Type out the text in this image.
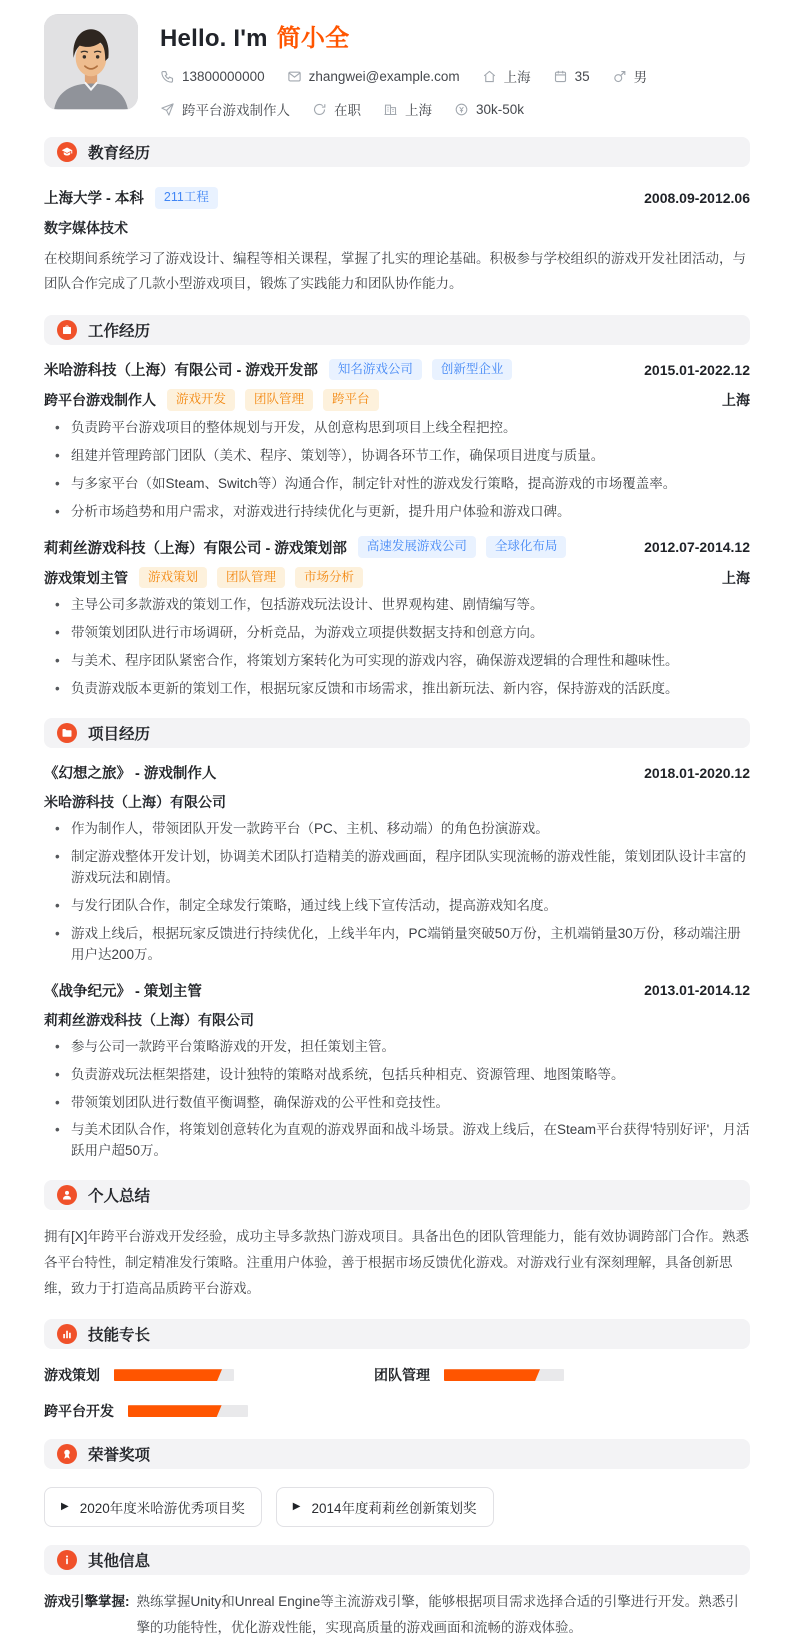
Hello. I'm 简小全
13800000000	zhangwei@example.com	上海	35	男
跨平台游戏制作人	在职	上海	30k-50k
教育经历
上海大学 - 本科	211工程	2008.09-2012.06
数字媒体技术

在校期间系统学习了游戏设计、编程等相关课程，掌握了扎实的理论基础。积极参与学校组织的游戏开发社团活动，与团队合作完成了几款小型游戏项目，锻炼了实践能力和团队协作能力。

工作经历
米哈游科技（上海）有限公司 - 游戏开发部	知名游戏公司	创新型企业	2015.01-2022.12
跨平台游戏制作人	游戏开发	团队管理	跨平台	上海
• 负责跨平台游戏项目的整体规划与开发，从创意构思到项目上线全程把控。
• 组建并管理跨部门团队（美术、程序、策划等），协调各环节工作，确保项目进度与质量。
• 与多家平台（如Steam、Switch等）沟通合作，制定针对性的游戏发行策略，提高游戏的市场覆盖率。
• 分析市场趋势和用户需求，对游戏进行持续优化与更新，提升用户体验和游戏口碑。
莉莉丝游戏科技（上海）有限公司 - 游戏策划部	高速发展游戏公司	全球化布局	2012.07-2014.12
游戏策划主管	游戏策划	团队管理	市场分析	上海
• 主导公司多款游戏的策划工作，包括游戏玩法设计、世界观构建、剧情编写等。
• 带领策划团队进行市场调研，分析竞品，为游戏立项提供数据支持和创意方向。
• 与美术、程序团队紧密合作，将策划方案转化为可实现的游戏内容，确保游戏逻辑的合理性和趣味性。
• 负责游戏版本更新的策划工作，根据玩家反馈和市场需求，推出新玩法、新内容，保持游戏的活跃度。
项目经历
《幻想之旅》 - 游戏制作人	2018.01-2020.12
米哈游科技（上海）有限公司
• 作为制作人，带领团队开发一款跨平台（PC、主机、移动端）的角色扮演游戏。
• 制定游戏整体开发计划，协调美术团队打造精美的游戏画面，程序团队实现流畅的游戏性能，策划团队设计丰富的游戏玩法和剧情。
• 与发行团队合作，制定全球发行策略，通过线上线下宣传活动，提高游戏知名度。
• 游戏上线后，根据玩家反馈进行持续优化，上线半年内，PC端销量突破50万份，主机端销量30万份，移动端注册用户达200万。
《战争纪元》 - 策划主管	2013.01-2014.12
莉莉丝游戏科技（上海）有限公司
• 参与公司一款跨平台策略游戏的开发，担任策划主管。
• 负责游戏玩法框架搭建，设计独特的策略对战系统，包括兵种相克、资源管理、地图策略等。
• 带领策划团队进行数值平衡调整，确保游戏的公平性和竞技性。
• 与美术团队合作，将策划创意转化为直观的游戏界面和战斗场景。游戏上线后，在Steam平台获得'特别好评'，月活跃用户超50万。
个人总结

拥有[X]年跨平台游戏开发经验，成功主导多款热门游戏项目。具备出色的团队管理能力，能有效协调跨部门合作。熟悉各平台特性，制定精准发行策略。注重用户体验，善于根据市场反馈优化游戏。对游戏行业有深刻理解，具备创新思维，致力于打造高品质跨平台游戏。

技能专长
游戏策划	团队管理
跨平台开发
荣誉奖项
▶ 2020年度米哈游优秀项目奖	▶ 2014年度莉莉丝创新策划奖
其他信息
游戏引擎掌握: 熟练掌握Unity和Unreal Engine等主流游戏引擎，能够根据项目需求选择合适的引擎进行开发。熟悉引擎的功能特性，优化游戏性能，实现高质量的游戏画面和流畅的游戏体验。
